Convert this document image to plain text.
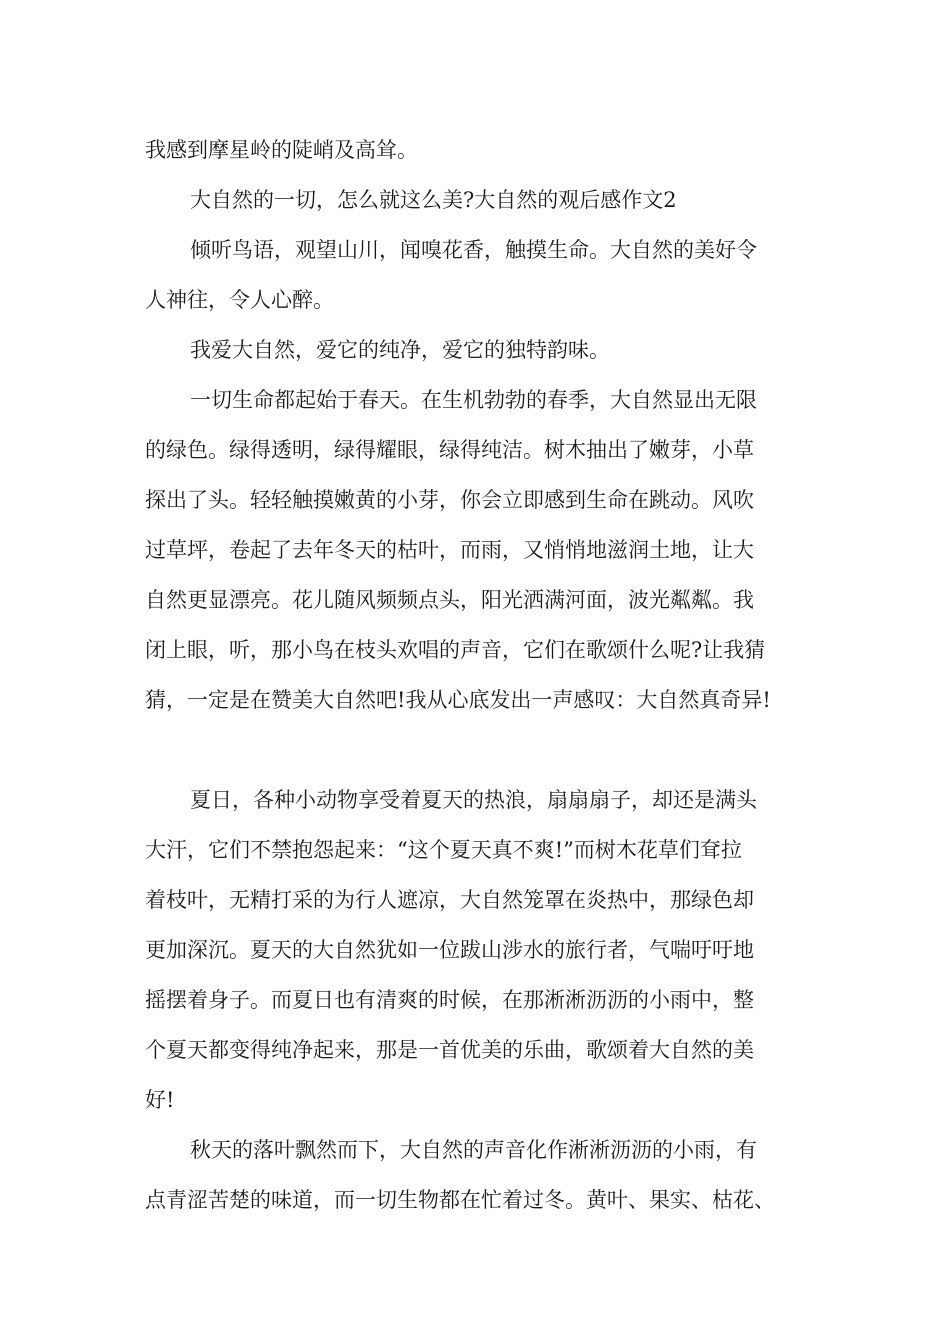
我感到摩星岭的陡峭及高耸。
大自然的一切，怎么就这么美?大自然的观后感作文2
倾听鸟语，观望山川，闻嗅花香，触摸生命。大自然的美好令
人神往，令人心醉。
我爱大自然，爱它的纯净，爱它的独特韵味。
一切生命都起始于春天。在生机勃勃的春季，大自然显出无限
的绿色。绿得透明，绿得耀眼，绿得纯洁。树木抽出了嫩芽，小草
探出了头。轻轻触摸嫩黄的小芽，你会立即感到生命在跳动。风吹
过草坪，卷起了去年冬天的枯叶，而雨，又悄悄地滋润土地，让大
自然更显漂亮。花儿随风频频点头，阳光洒满河面，波光粼粼。我
闭上眼，听，那小鸟在枝头欢唱的声音，它们在歌颂什么呢?让我猜
猜，一定是在赞美大自然吧!我从心底发出一声感叹：大自然真奇异!
夏日，各种小动物享受着夏天的热浪，扇扇扇子，却还是满头
大汗，它们不禁抱怨起来：“这个夏天真不爽!”而树木花草们耷拉
着枝叶，无精打采的为行人遮凉，大自然笼罩在炎热中，那绿色却
更加深沉。夏天的大自然犹如一位跋山涉水的旅行者，气喘吁吁地
摇摆着身子。而夏日也有清爽的时候，在那淅淅沥沥的小雨中，整
个夏天都变得纯净起来，那是一首优美的乐曲，歌颂着大自然的美
好!
秋天的落叶飘然而下，大自然的声音化作淅淅沥沥的小雨，有
点青涩苦楚的味道，而一切生物都在忙着过冬。黄叶、果实、枯花、
